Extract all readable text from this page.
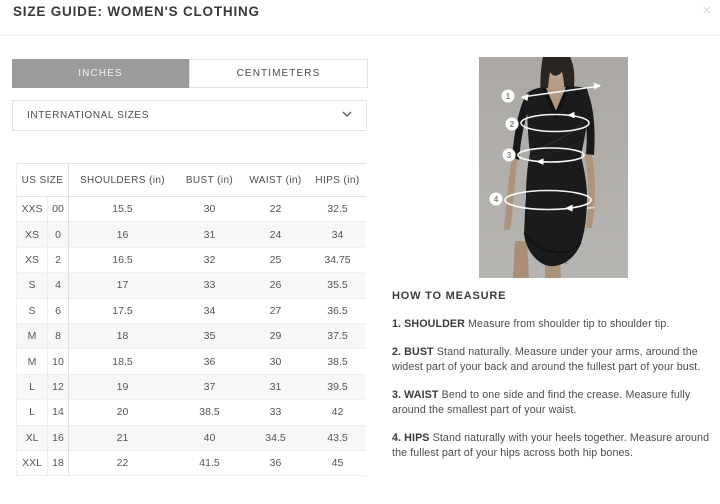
SIZE GUIDE: WOMEN'S CLOTHING	×
INCHES	CENTIMETERS
INTERNATIONAL SIZES
US SIZE	SHOULDERS (in)	BUST (in)	WAIST (in)	HIPS (in)
XXS 00	15.5	30	22	32.5
XS	0	16	31	24	34
XS	2	16.5	32	25	34.75
S	4	17	33	26	35.5
S	6	17.5	34	27	36.5
M	8	18	35	29	37.5
M	10	18.5	36	30	38.5
L	12	19	37	31	39.5
L	14	20	38.5	33	42
XL	16	21	40	34.5	43.5
XXL 18	22	41.5	36	45
1
2
3
4
HOW TO MEASURE

1. SHOULDER Measure from shoulder tip to shoulder tip.

2. BUST Stand naturally. Measure under your arms, around the widest part of your back and around the fullest part of your bust.

3. WAIST Bend to one side and find the crease. Measure fully around the smallest part of your waist.

4. HIPS Stand naturally with your heels together. Measure around the fullest part of your hips across both hip bones.
